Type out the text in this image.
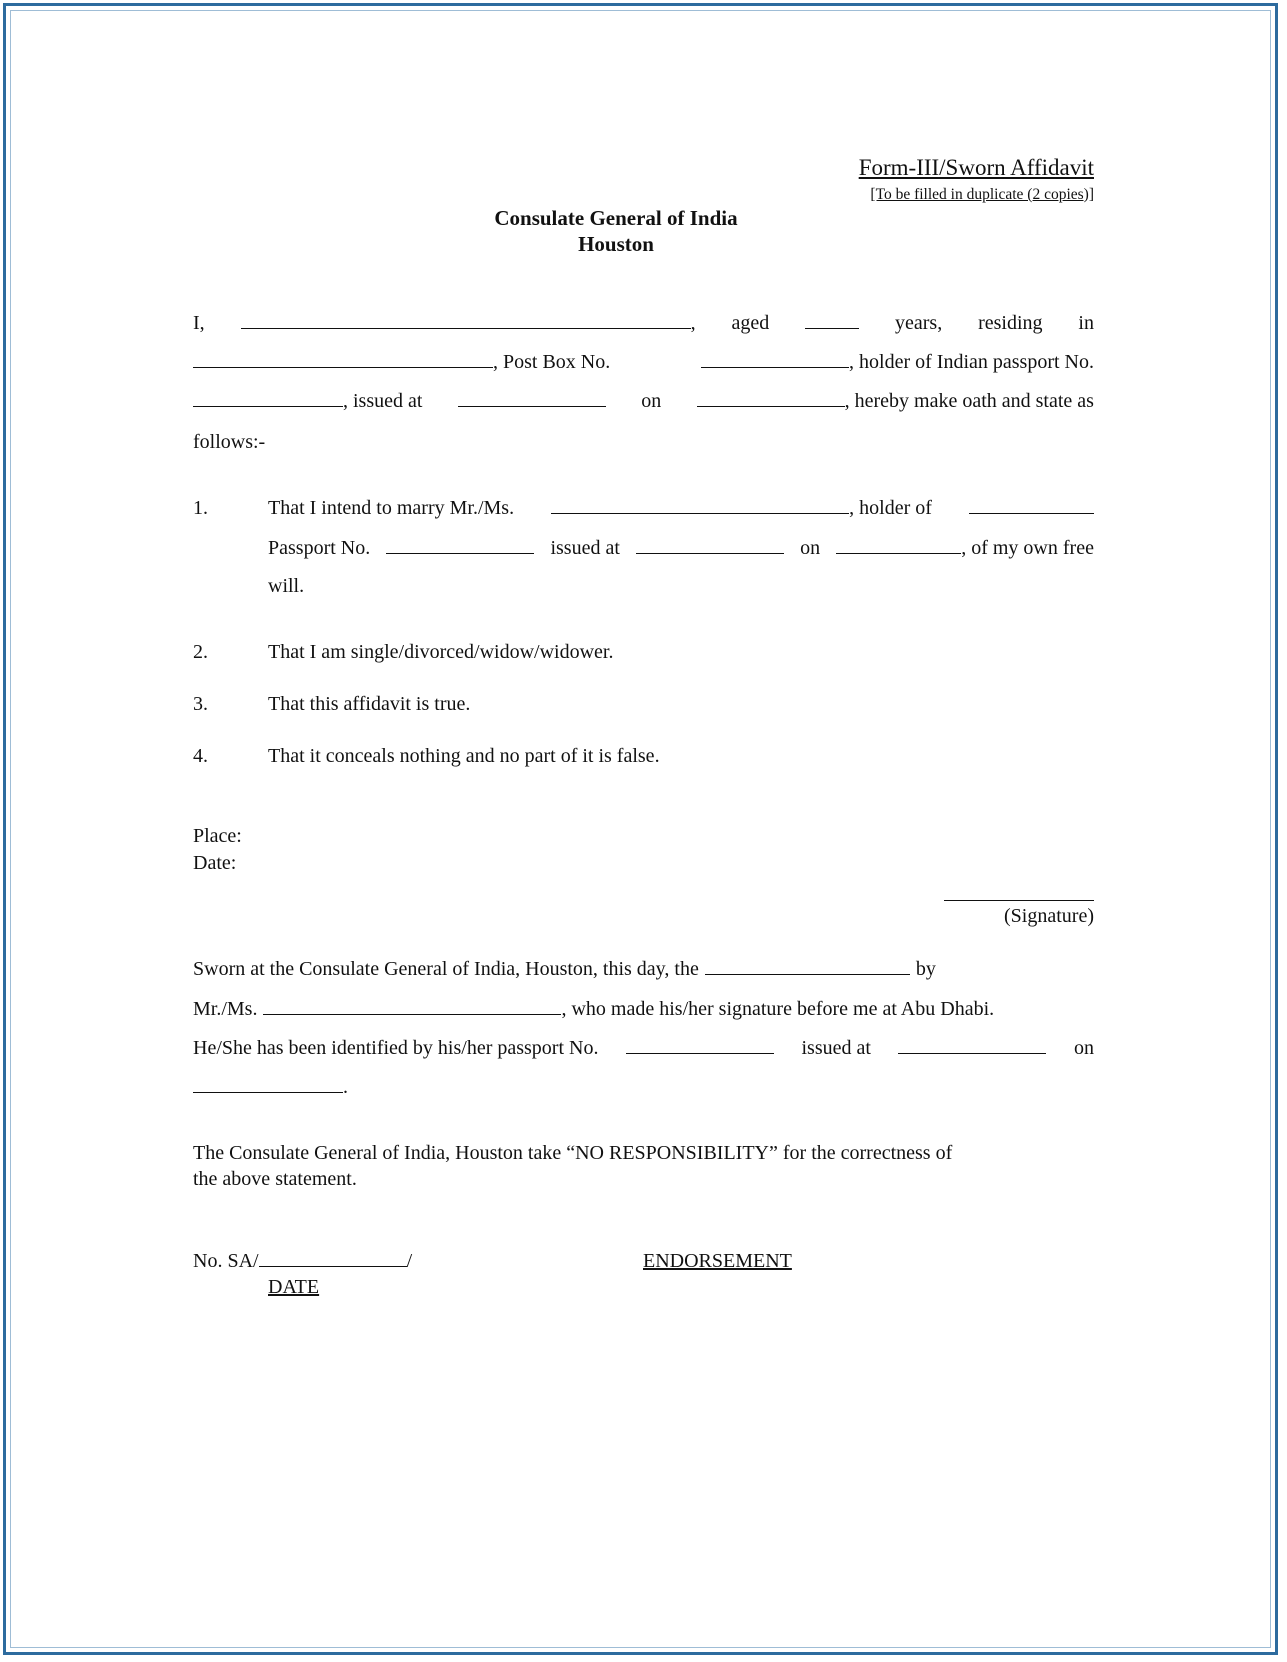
Form-III/Sworn Affidavit
[To be filled in duplicate (2 copies)]
Consulate General of India
Houston
I,	, aged	years, residing in
, Post Box No.	, holder of Indian passport No.
, issued at	on	, hereby make oath and state as
follows:-
1.	That I intend to marry Mr./Ms.	, holder of
Passport No.	issued at	on	, of my own free
will.
2.	That I am single/divorced/widow/widower.
3.	That this affidavit is true.
4.	That it conceals nothing and no part of it is false.
Place:
Date:
(Signature)
Sworn at the Consulate General of India, Houston, this day, the	by
Mr./Ms.	, who made his/her signature before me at Abu Dhabi.
He/She has been identified by his/her passport No.	issued at	on
.
The Consulate General of India, Houston take “NO RESPONSIBILITY” for the correctness of
the above statement.
No. SA/	/	ENDORSEMENT
DATE
